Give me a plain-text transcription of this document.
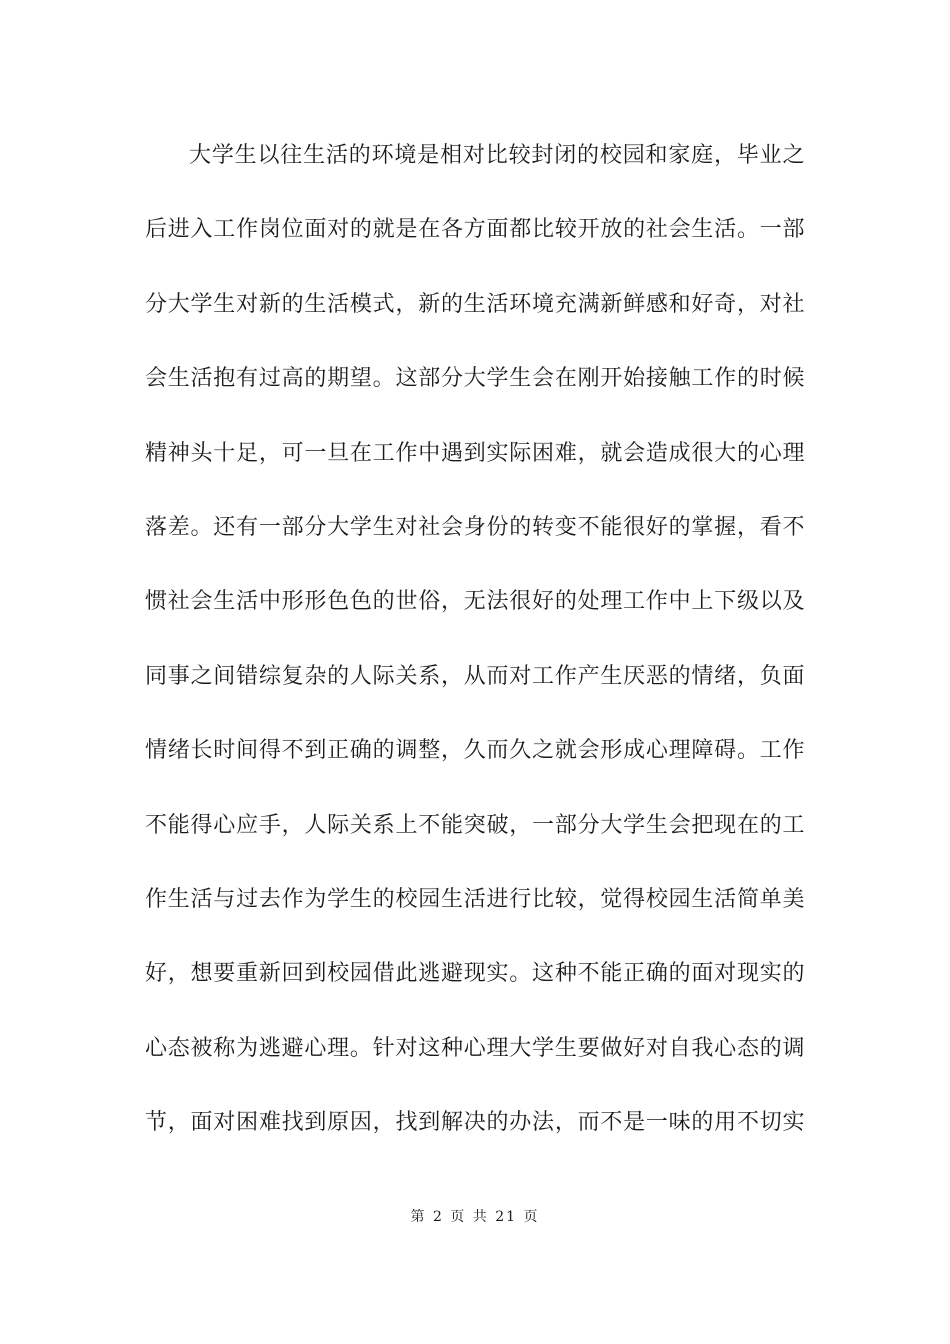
大学生以往生活的环境是相对比较封闭的校园和家庭，毕业之
后进入工作岗位面对的就是在各方面都比较开放的社会生活。一部
分大学生对新的生活模式，新的生活环境充满新鲜感和好奇，对社
会生活抱有过高的期望。这部分大学生会在刚开始接触工作的时候
精神头十足，可一旦在工作中遇到实际困难，就会造成很大的心理
落差。还有一部分大学生对社会身份的转变不能很好的掌握，看不
惯社会生活中形形色色的世俗，无法很好的处理工作中上下级以及
同事之间错综复杂的人际关系，从而对工作产生厌恶的情绪，负面
情绪长时间得不到正确的调整，久而久之就会形成心理障碍。工作
不能得心应手，人际关系上不能突破，一部分大学生会把现在的工
作生活与过去作为学生的校园生活进行比较，觉得校园生活简单美
好，想要重新回到校园借此逃避现实。这种不能正确的面对现实的
心态被称为逃避心理。针对这种心理大学生要做好对自我心态的调
节，面对困难找到原因，找到解决的办法，而不是一味的用不切实
第 2 页 共 21 页
